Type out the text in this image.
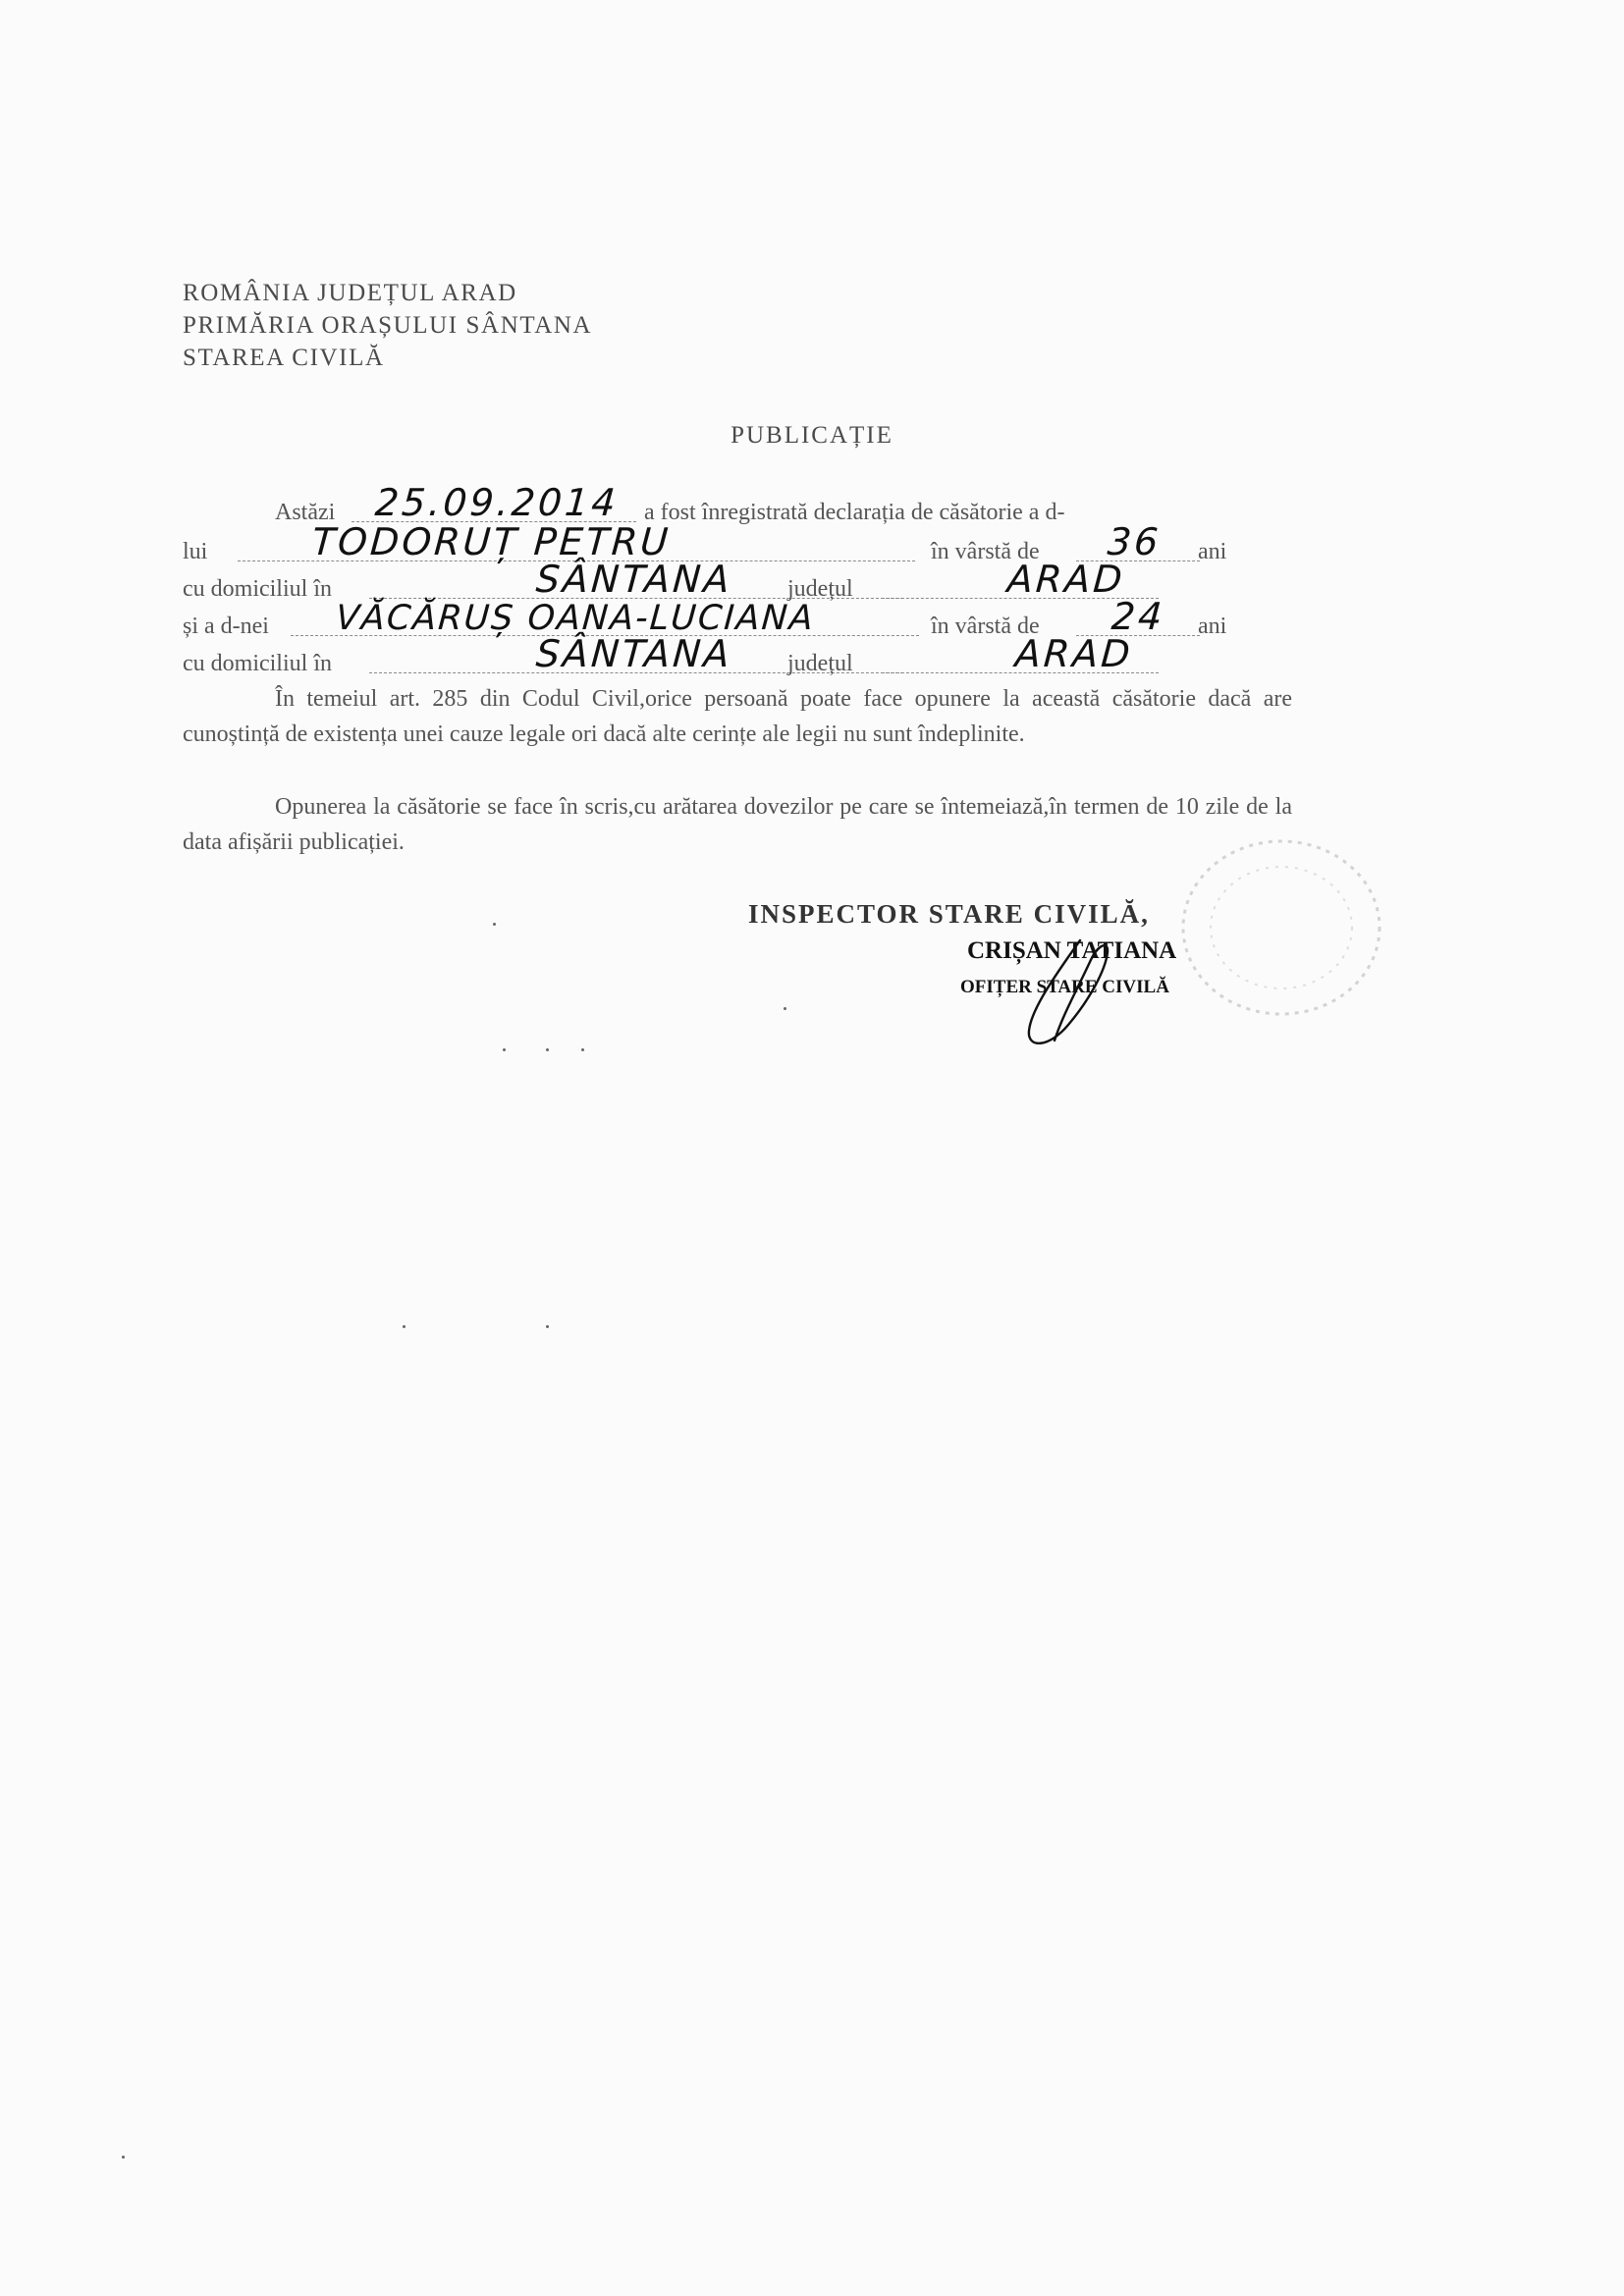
ROMÂNIA JUDEȚUL ARAD
PRIMĂRIA ORAȘULUI SÂNTANA
STAREA CIVILĂ
PUBLICAȚIE
Astăzi 25.09.2014 a fost înregistrată declarația de căsătorie a d-
lui	TODORUȚ PETRU	în vârstă de 36 ani
cu domiciliul în	SÂNTANA județul	ARAD
și a d-nei VĂCĂRUȘ OANA-LUCIANA	în vârstă de 24 ani
cu domiciliul în	SÂNTANA județul	ARAD
În temeiul art. 285 din Codul Civil,orice persoană poate face opunere la această căsătorie dacă are cunoștință de existența unei cauze legale ori dacă alte cerințe ale legii nu sunt îndeplinite.
Opunerea la căsătorie se face în scris,cu arătarea dovezilor pe care se întemeiază,în termen de 10 zile de la data afișării publicației.
INSPECTOR STARE CIVILĂ,
CRIȘAN TATIANA
OFIȚER STARE CIVILĂ
